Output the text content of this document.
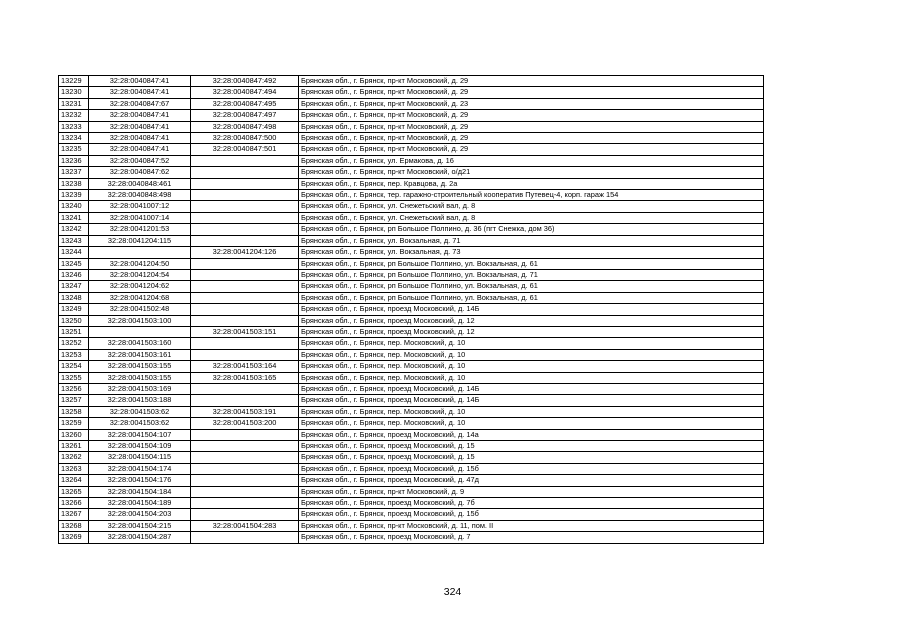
13229	32:28:0040847:41	32:28:0040847:492	Брянская обл., г. Брянск, пр-кт Московский, д. 29
13230	32:28:0040847:41	32:28:0040847:494	Брянская обл., г. Брянск, пр-кт Московский, д. 29
13231	32:28:0040847:67	32:28:0040847:495	Брянская обл., г. Брянск, пр-кт Московский, д. 23
13232	32:28:0040847:41	32:28:0040847:497	Брянская обл., г. Брянск, пр-кт Московский, д. 29
13233	32:28:0040847:41	32:28:0040847:498	Брянская обл., г. Брянск, пр-кт Московский, д. 29
13234	32:28:0040847:41	32:28:0040847:500	Брянская обл., г. Брянск, пр-кт Московский, д. 29
13235	32:28:0040847:41	32:28:0040847:501	Брянская обл., г. Брянск, пр-кт Московский, д. 29
13236	32:28:0040847:52		Брянская обл., г. Брянск, ул. Ермакова, д. 16
13237	32:28:0040847:62		Брянская обл., г. Брянск, пр-кт Московский, о/д21
13238	32:28:0040848:461		Брянская обл., г. Брянск, пер. Кравцова, д. 2а
13239	32:28:0040848:498		Брянская обл., г. Брянск, тер. гаражно-строительный кооператив Путевец-4, корп. гараж 154
13240	32:28:0041007:12		Брянская обл., г. Брянск, ул. Снежетьский вал, д. 8
13241	32:28:0041007:14		Брянская обл., г. Брянск, ул. Снежетьский вал, д. 8
13242	32:28:0041201:53		Брянская обл., г. Брянск, рп Большое Полпино, д. 36 (пгт Снежка, дом 36)
13243	32:28:0041204:115		Брянская обл., г. Брянск, ул. Вокзальная, д. 71
13244		32:28:0041204:126	Брянская обл., г. Брянск, ул. Вокзальная, д. 73
13245	32:28:0041204:50		Брянская обл., г. Брянск, рп Большое Полпино, ул. Вокзальная, д. 61
13246	32:28:0041204:54		Брянская обл., г. Брянск, рп Большое Полпино, ул. Вокзальная, д. 71
13247	32:28:0041204:62		Брянская обл., г. Брянск, рп Большое Полпино, ул. Вокзальная, д. 61
13248	32:28:0041204:68		Брянская обл., г. Брянск, рп Большое Полпино, ул. Вокзальная, д. 61
13249	32:28:0041502:48		Брянская обл., г. Брянск, проезд Московский, д. 14Б
13250	32:28:0041503:100		Брянская обл., г. Брянск, проезд Московский, д. 12
13251		32:28:0041503:151	Брянская обл., г. Брянск, проезд Московский, д. 12
13252	32:28:0041503:160		Брянская обл., г. Брянск, пер. Московский, д. 10
13253	32:28:0041503:161		Брянская обл., г. Брянск, пер. Московский, д. 10
13254	32:28:0041503:155	32:28:0041503:164	Брянская обл., г. Брянск, пер. Московский, д. 10
13255	32:28:0041503:155	32:28:0041503:165	Брянская обл., г. Брянск, пер. Московский, д. 10
13256	32:28:0041503:169		Брянская обл., г. Брянск, проезд Московский, д. 14Б
13257	32:28:0041503:188		Брянская обл., г. Брянск, проезд Московский, д. 14Б
13258	32:28:0041503:62	32:28:0041503:191	Брянская обл., г. Брянск, пер. Московский, д. 10
13259	32:28:0041503:62	32:28:0041503:200	Брянская обл., г. Брянск, пер. Московский, д. 10
13260	32:28:0041504:107		Брянская обл., г. Брянск, проезд Московский, д. 14а
13261	32:28:0041504:109		Брянская обл., г. Брянск, проезд Московский, д. 15
13262	32:28:0041504:115		Брянская обл., г. Брянск, проезд Московский, д. 15
13263	32:28:0041504:174		Брянская обл., г. Брянск, проезд Московский, д. 15б
13264	32:28:0041504:176		Брянская обл., г. Брянск, проезд Московский, д. 47д
13265	32:28:0041504:184		Брянская обл., г. Брянск, пр-кт Московский, д. 9
13266	32:28:0041504:189		Брянская обл., г. Брянск, проезд Московский, д. 7б
13267	32:28:0041504:203		Брянская обл., г. Брянск, проезд Московский, д. 15б
13268	32:28:0041504:215	32:28:0041504:283	Брянская обл., г. Брянск, пр-кт Московский, д. 11, пом. II
13269	32:28:0041504:287		Брянская обл., г. Брянск, проезд Московский, д. 7
324
